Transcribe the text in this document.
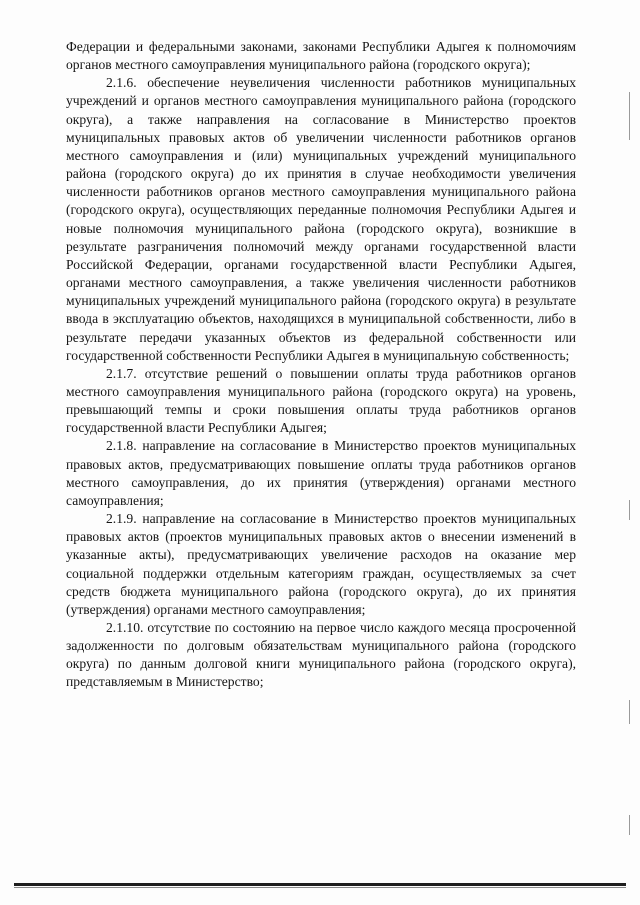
Федерации и федеральными законами, законами Республики Адыгея к полномочиям органов местного самоуправления муниципального района (городского округа);

2.1.6. обеспечение неувеличения численности работников муниципальных учреждений и органов местного самоуправления муниципального района (городского округа), а также направления на согласование в Министерство проектов муниципальных правовых актов об увеличении численности работников органов местного самоуправления и (или) муниципальных учреждений муниципального района (городского округа) до их принятия в случае необходимости увеличения численности работников органов местного самоуправления муниципального района (городского округа), осуществляющих переданные полномочия Республики Адыгея и новые полномочия муниципального района (городского округа), возникшие в результате разграничения полномочий между органами государственной власти Российской Федерации, органами государственной власти Республики Адыгея, органами местного самоуправления, а также увеличения численности работников муниципальных учреждений муниципального района (городского округа) в результате ввода в эксплуатацию объектов, находящихся в муниципальной собственности, либо в результате передачи указанных объектов из федеральной собственности или государственной собственности Республики Адыгея в муниципальную собственность;

2.1.7. отсутствие решений о повышении оплаты труда работников органов местного самоуправления муниципального района (городского округа) на уровень, превышающий темпы и сроки повышения оплаты труда работников органов государственной власти Республики Адыгея;

2.1.8. направление на согласование в Министерство проектов муниципальных правовых актов, предусматривающих повышение оплаты труда работников органов местного самоуправления, до их принятия (утверждения) органами местного самоуправления;

2.1.9. направление на согласование в Министерство проектов муниципальных правовых актов (проектов муниципальных правовых актов о внесении изменений в указанные акты), предусматривающих увеличение расходов на оказание мер социальной поддержки отдельным категориям граждан, осуществляемых за счет средств бюджета муниципального района (городского округа), до их принятия (утверждения) органами местного самоуправления;

2.1.10. отсутствие по состоянию на первое число каждого месяца просроченной задолженности по долговым обязательствам муниципального района (городского округа) по данным долговой книги муниципального района (городского округа), представляемым в Министерство;
